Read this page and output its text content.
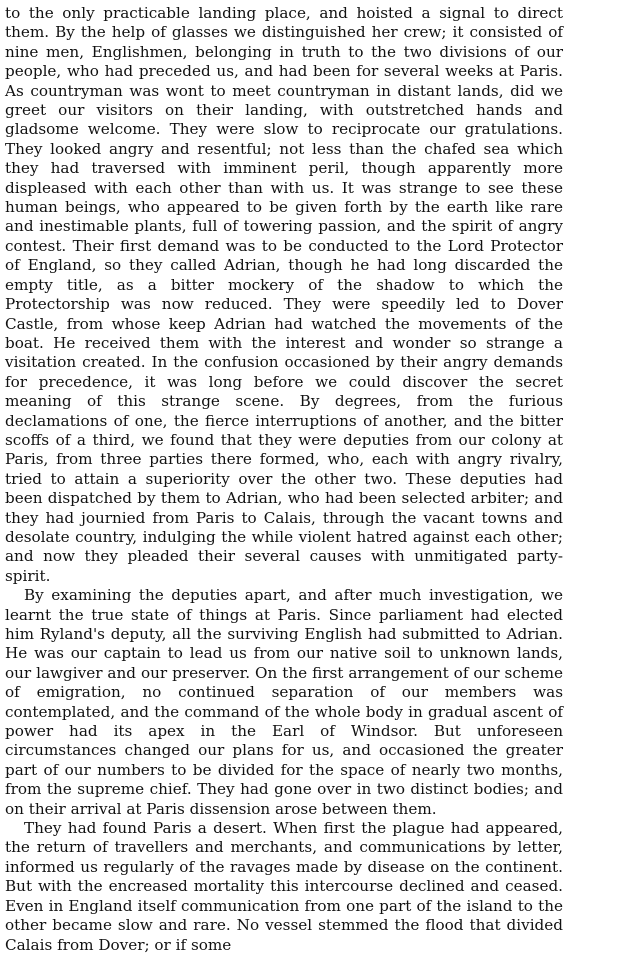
to the only practicable landing place, and hoisted a signal to direct them. By the help of glasses we distinguished her crew; it consisted of nine men, Englishmen, belonging in truth to the two divisions of our people, who had preceded us, and had been for several weeks at Paris. As countryman was wont to meet countryman in distant lands, did we greet our visitors on their landing, with outstretched hands and gladsome welcome. They were slow to reciprocate our gratulations. They looked angry and resentful; not less than the chafed sea which they had traversed with imminent peril, though apparently more displeased with each other than with us. It was strange to see these human beings, who appeared to be given forth by the earth like rare and inestimable plants, full of towering passion, and the spirit of angry contest. Their first demand was to be conducted to the Lord Protector of England, so they called Adrian, though he had long discarded the empty title, as a bitter mockery of the shadow to which the Protectorship was now reduced. They were speedily led to Dover Castle, from whose keep Adrian had watched the movements of the boat. He received them with the interest and wonder so strange a visitation created. In the confusion occasioned by their angry demands for precedence, it was long before we could discover the secret meaning of this strange scene. By degrees, from the furious declamations of one, the fierce interruptions of another, and the bitter scoffs of a third, we found that they were deputies from our colony at Paris, from three parties there formed, who, each with angry rivalry, tried to attain a superiority over the other two. These deputies had been dispatched by them to Adrian, who had been selected arbiter; and they had journied from Paris to Calais, through the vacant towns and desolate country, indulging the while violent hatred against each other; and now they pleaded their several causes with unmitigated party-spirit.

By examining the deputies apart, and after much investigation, we learnt the true state of things at Paris. Since parliament had elected him Ryland's deputy, all the surviving English had submitted to Adrian. He was our captain to lead us from our native soil to unknown lands, our lawgiver and our preserver. On the first arrangement of our scheme of emigration, no continued separation of our members was contemplated, and the command of the whole body in gradual ascent of power had its apex in the Earl of Windsor. But unforeseen circumstances changed our plans for us, and occasioned the greater part of our numbers to be divided for the space of nearly two months, from the supreme chief. They had gone over in two distinct bodies; and on their arrival at Paris dissension arose between them.

They had found Paris a desert. When first the plague had appeared, the return of travellers and merchants, and communications by letter, informed us regularly of the ravages made by disease on the continent. But with the encreased mortality this intercourse declined and ceased. Even in England itself communication from one part of the island to the other became slow and rare. No vessel stemmed the flood that divided Calais from Dover; or if some
